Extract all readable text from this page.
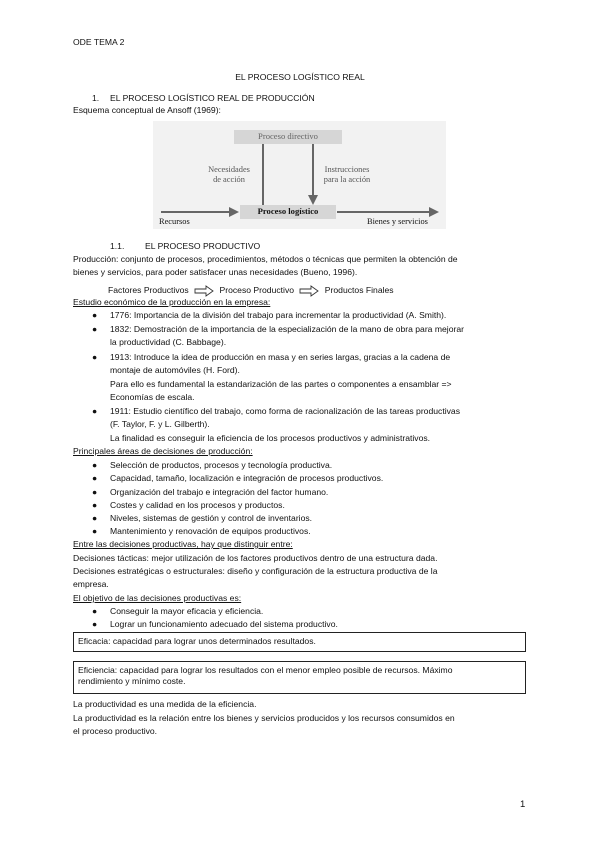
ODE TEMA 2
EL PROCESO LOGÍSTICO REAL
1. EL PROCESO LOGÍSTICO REAL DE PRODUCCIÓN
Esquema conceptual de Ansoff (1969):
Proceso directivo
Necesidades
de acción
Instrucciones
para la acción
Proceso logístico
Recursos	Bienes y servicios
1.1. EL PROCESO PRODUCTIVO
Producción: conjunto de procesos, procedimientos, métodos o técnicas que permiten la obtención de
bienes y servicios, para poder satisfacer unas necesidades (Bueno, 1996).
Factores Productivos	Proceso Productivo	Productos Finales
Estudio económico de la producción en la empresa:
● 1776: Importancia de la división del trabajo para incrementar la productividad (A. Smith).
● 1832: Demostración de la importancia de la especialización de la mano de obra para mejorar
la productividad (C. Babbage).
● 1913: Introduce la idea de producción en masa y en series largas, gracias a la cadena de
montaje de automóviles (H. Ford).
Para ello es fundamental la estandarización de las partes o componentes a ensamblar =>
Economías de escala.
● 1911: Estudio científico del trabajo, como forma de racionalización de las tareas productivas
(F. Taylor, F. y L. Gilberth).
La finalidad es conseguir la eficiencia de los procesos productivos y administrativos.
Principales áreas de decisiones de producción:
● Selección de productos, procesos y tecnología productiva.
● Capacidad, tamaño, localización e integración de procesos productivos.
● Organización del trabajo e integración del factor humano.
● Costes y calidad en los procesos y productos.
● Niveles, sistemas de gestión y control de inventarios.
● Mantenimiento y renovación de equipos productivos.
Entre las decisiones productivas, hay que distinguir entre:
Decisiones tácticas: mejor utilización de los factores productivos dentro de una estructura dada.
Decisiones estratégicas o estructurales: diseño y configuración de la estructura productiva de la
empresa.
El objetivo de las decisiones productivas es:
● Conseguir la mayor eficacia y eficiencia.
● Lograr un funcionamiento adecuado del sistema productivo.
Eficacia: capacidad para lograr unos determinados resultados.
Eficiencia: capacidad para lograr los resultados con el menor empleo posible de recursos. Máximo
rendimiento y mínimo coste.
La productividad es una medida de la eficiencia.
La productividad es la relación entre los bienes y servicios producidos y los recursos consumidos en
el proceso productivo.
1
